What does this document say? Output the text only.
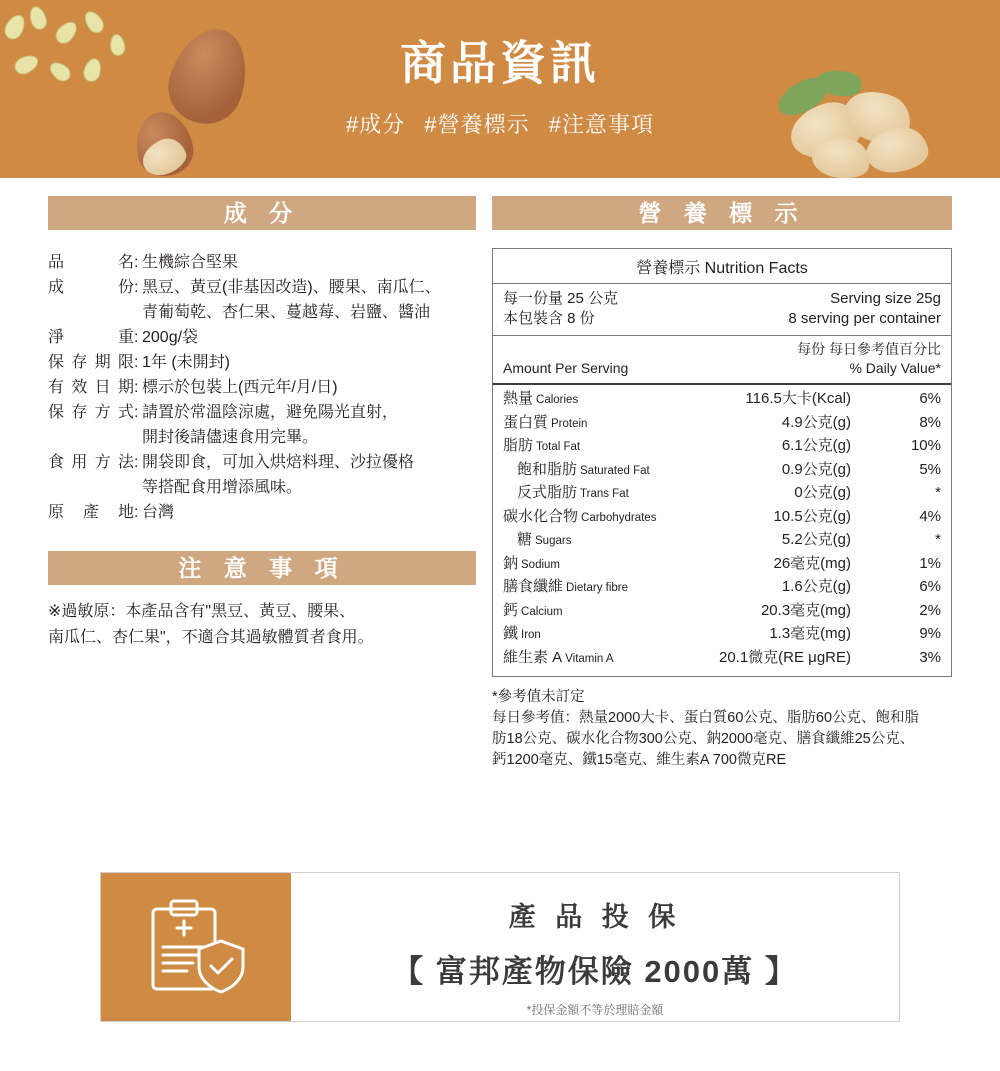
商品資訊
#成分 #營養標示 #注意事項
成 分
品　名 : 生機綜合堅果
成　份 : 黑豆、黃豆(非基因改造)、腰果、南瓜仁、
青葡萄乾、杏仁果、蔓越莓、岩鹽、醬油
淨　重 : 200g/袋
保存期限 : 1年 (未開封)
有效日期 : 標示於包裝上(西元年/月/日)
保存方式 : 請置於常溫陰涼處，避免陽光直射，
開封後請儘速食用完畢。
食用方法 : 開袋即食，可加入烘焙料理、沙拉優格
等搭配食用增添風味。
原 產 地 : 台灣
注 意 事 項
※過敏原：本產品含有"黑豆、黃豆、腰果、
南瓜仁、杏仁果"，不適合其過敏體質者食用。
營 養 標 示
營養標示 Nutrition Facts
每一份量 25 公克	Serving size 25g
本包裝含 8 份	8 serving per container
每份 每日參考值百分比
Amount Per Serving	% Daily Value*
熱量 Calories	116.5大卡(Kcal)	6%
蛋白質 Protein	4.9公克(g)	8%
脂肪 Total Fat	6.1公克(g)	10%
飽和脂肪 Saturated Fat	0.9公克(g)	5%
反式脂肪 Trans Fat	0公克(g)	*
碳水化合物 Carbohydrates	10.5公克(g)	4%
糖 Sugars	5.2公克(g)	*
鈉 Sodium	26毫克(mg)	1%
膳食纖維 Dietary fibre	1.6公克(g)	6%
鈣 Calcium	20.3毫克(mg)	2%
鐵 Iron	1.3毫克(mg)	9%
維生素 A Vitamin A	20.1微克(RE μgRE)	3%
*參考值未訂定
每日參考值：熱量2000大卡、蛋白質60公克、脂肪60公克、飽和脂
肪18公克、碳水化合物300公克、鈉2000毫克、膳食纖維25公克、
鈣1200毫克、鐵15毫克、維生素A 700微克RE
產 品 投 保
【 富邦產物保險 2000萬 】
*投保金額不等於理賠金額
